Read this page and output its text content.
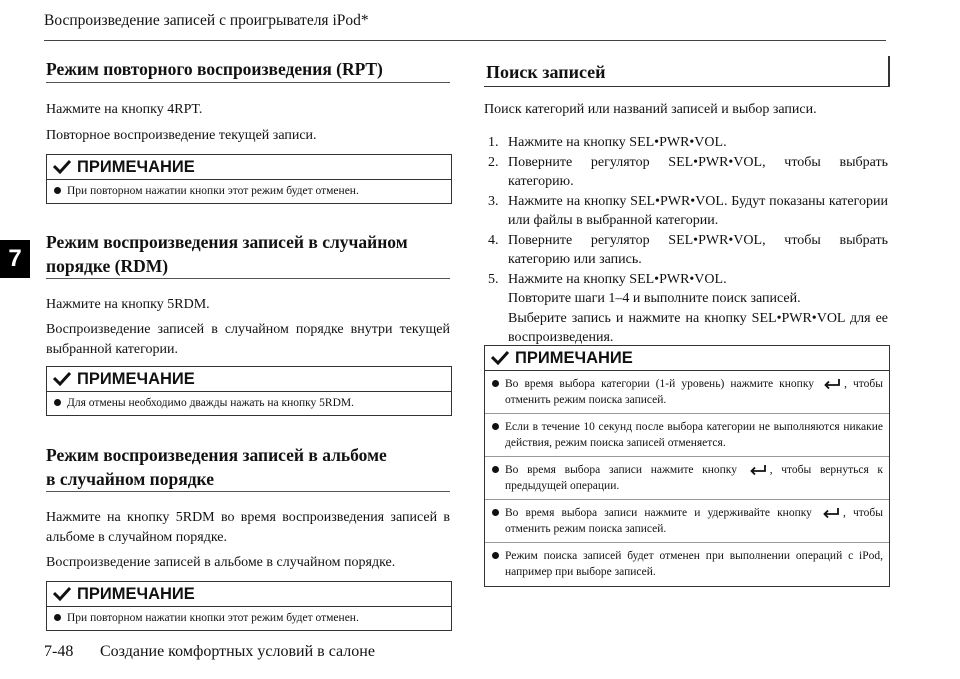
Воспроизведение записей с проигрывателя iPod*
7
Режим повторного воспроизведения (RPT)
Нажмите на кнопку 4RPT.
Повторное воспроизведение текущей записи.
ПРИМЕЧАНИЕ
При повторном нажатии кнопки этот режим будет отменен.
Режим воспроизведения записей в случайном
порядке (RDM)
Нажмите на кнопку 5RDM.
Воспроизведение записей в случайном порядке внутри текущей выбранной категории.
ПРИМЕЧАНИЕ
Для отмены необходимо дважды нажать на кнопку 5RDM.
Режим воспроизведения записей в альбоме
в случайном порядке
Нажмите на кнопку 5RDM во время воспроизведения записей в альбоме в случайном порядке.
Воспроизведение записей в альбоме в случайном порядке.
ПРИМЕЧАНИЕ
При повторном нажатии кнопки этот режим будет отменен.
Поиск записей
Поиск категорий или названий записей и выбор записи.
1. Нажмите на кнопку SEL•PWR•VOL.
2. Поверните регулятор SEL•PWR•VOL, чтобы выбрать категорию.
3. Нажмите на кнопку SEL•PWR•VOL. Будут показаны категории или файлы в выбранной категории.
4. Поверните регулятор SEL•PWR•VOL, чтобы выбрать категорию или запись.
5. Нажмите на кнопку SEL•PWR•VOL.
Повторите шаги 1–4 и выполните поиск записей.
Выберите запись и нажмите на кнопку SEL•PWR•VOL для ее воспроизведения.
ПРИМЕЧАНИЕ
Во время выбора категории (1-й уровень) нажмите кнопку	, чтобы отменить режим поиска записей.
Если в течение 10 секунд после выбора категории не выполняются никакие действия, режим поиска записей отменяется.
Во время выбора записи нажмите кнопку	, чтобы вернуться к предыдущей операции.
Во время выбора записи нажмите и удерживайте кнопку	, чтобы отменить режим поиска записей.
Режим поиска записей будет отменен при выполнении операций с iPod, например при выборе записей.
7-48 Создание комфортных условий в салоне
